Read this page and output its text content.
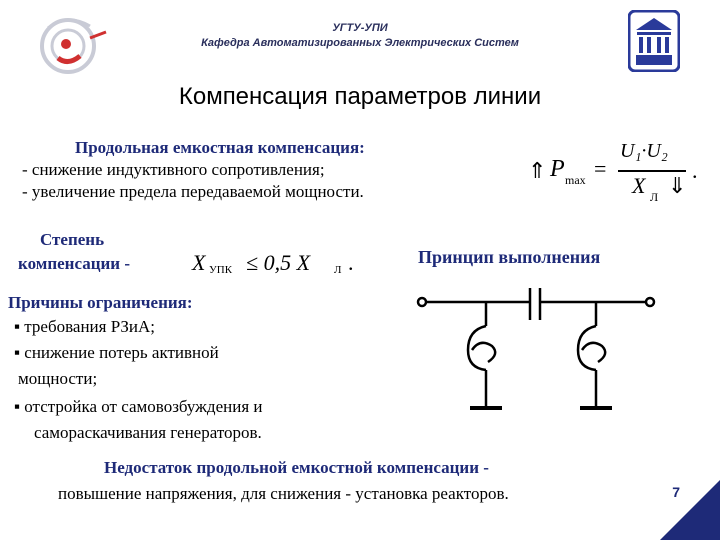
УГТУ-УПИ
Кафедра Автоматизированных Электрических Систем
Компенсация параметров линии
Продольная емкостная компенсация:
- снижение индуктивного сопротивления;
- увеличение предела передаваемой мощности.
⇑ P max =
U₁·U₂
X Л ⇓
.
Степень
компенсации -	X УПК ≤ 0,5 X Л .	Принцип выполнения
Причины ограничения:
▪ требования РЗиА;
▪ снижение потерь активной
мощности;
▪ отстройка от самовозбуждения и
самораскачивания генераторов.
Недостаток продольной емкостной компенсации -
повышение напряжения, для снижения - установка реакторов.	7
